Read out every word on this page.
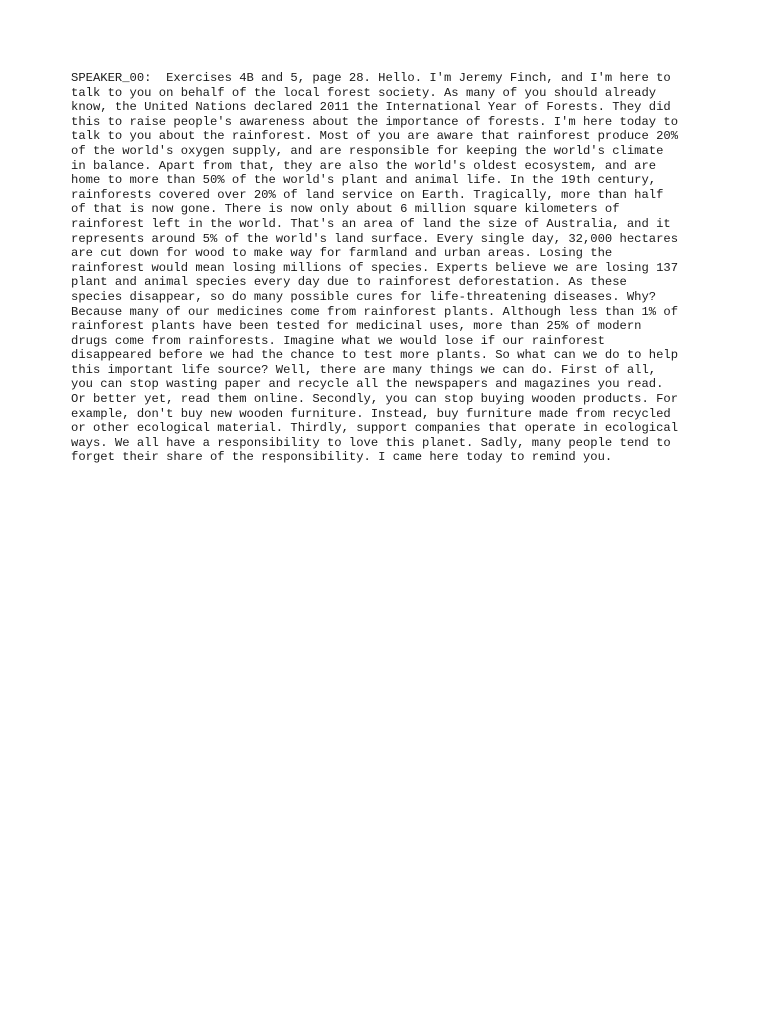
SPEAKER_00:  Exercises 4B and 5, page 28. Hello. I'm Jeremy Finch, and I'm here to
talk to you on behalf of the local forest society. As many of you should already
know, the United Nations declared 2011 the International Year of Forests. They did
this to raise people's awareness about the importance of forests. I'm here today to
talk to you about the rainforest. Most of you are aware that rainforest produce 20%
of the world's oxygen supply, and are responsible for keeping the world's climate
in balance. Apart from that, they are also the world's oldest ecosystem, and are
home to more than 50% of the world's plant and animal life. In the 19th century,
rainforests covered over 20% of land service on Earth. Tragically, more than half
of that is now gone. There is now only about 6 million square kilometers of
rainforest left in the world. That's an area of land the size of Australia, and it
represents around 5% of the world's land surface. Every single day, 32,000 hectares
are cut down for wood to make way for farmland and urban areas. Losing the
rainforest would mean losing millions of species. Experts believe we are losing 137
plant and animal species every day due to rainforest deforestation. As these
species disappear, so do many possible cures for life-threatening diseases. Why?
Because many of our medicines come from rainforest plants. Although less than 1% of
rainforest plants have been tested for medicinal uses, more than 25% of modern
drugs come from rainforests. Imagine what we would lose if our rainforest
disappeared before we had the chance to test more plants. So what can we do to help
this important life source? Well, there are many things we can do. First of all,
you can stop wasting paper and recycle all the newspapers and magazines you read.
Or better yet, read them online. Secondly, you can stop buying wooden products. For
example, don't buy new wooden furniture. Instead, buy furniture made from recycled
or other ecological material. Thirdly, support companies that operate in ecological
ways. We all have a responsibility to love this planet. Sadly, many people tend to
forget their share of the responsibility. I came here today to remind you.
